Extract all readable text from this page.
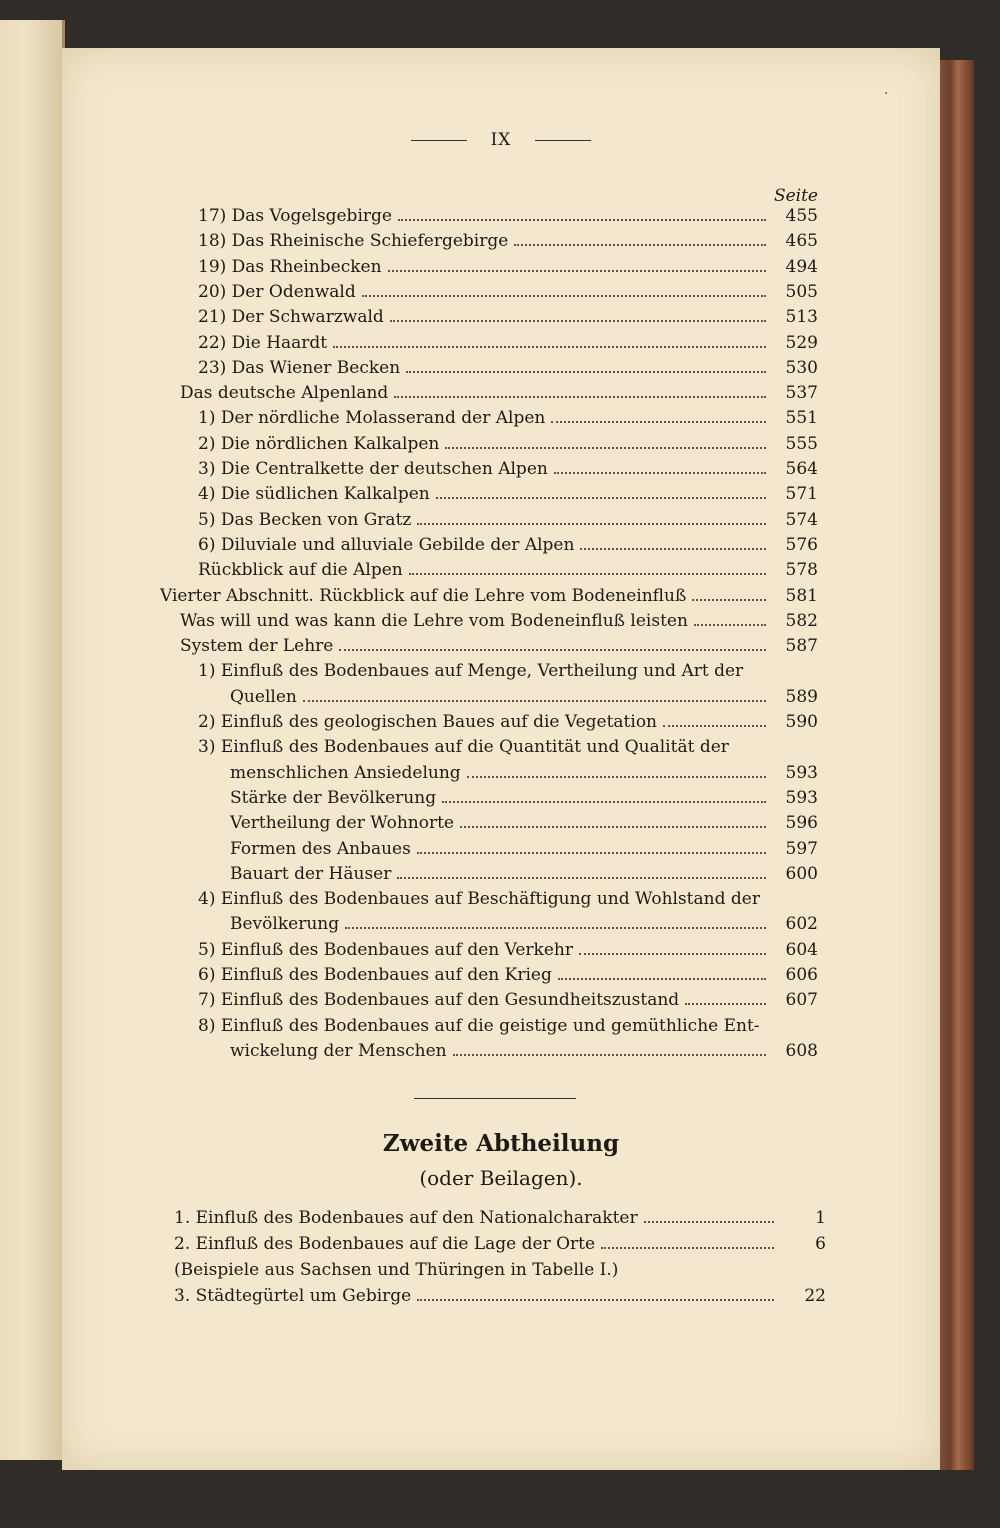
·
IX
Seite
Zweite Abtheilung
(oder Beilagen).
17) Das Vogelsgebirge	455
18) Das Rheinische Schiefergebirge	465
19) Das Rheinbecken	494
20) Der Odenwald	505
21) Der Schwarzwald	513
22) Die Haardt	529
23) Das Wiener Becken	530
Das deutsche Alpenland	537
1) Der nördliche Molasserand der Alpen	551
2) Die nördlichen Kalkalpen	555
3) Die Centralkette der deutschen Alpen	564
4) Die südlichen Kalkalpen	571
5) Das Becken von Gratz	574
6) Diluviale und alluviale Gebilde der Alpen	576
Rückblick auf die Alpen	578
Vierter Abschnitt. Rückblick auf die Lehre vom Bodeneinfluß	581
Was will und was kann die Lehre vom Bodeneinfluß leisten	582
System der Lehre	587
1) Einfluß des Bodenbaues auf Menge, Vertheilung und Art der
Quellen	589
2) Einfluß des geologischen Baues auf die Vegetation	590
3) Einfluß des Bodenbaues auf die Quantität und Qualität der
menschlichen Ansiedelung	593
Stärke der Bevölkerung	593
Vertheilung der Wohnorte	596
Formen des Anbaues	597
Bauart der Häuser	600
4) Einfluß des Bodenbaues auf Beschäftigung und Wohlstand der
Bevölkerung	602
5) Einfluß des Bodenbaues auf den Verkehr	604
6) Einfluß des Bodenbaues auf den Krieg	606
7) Einfluß des Bodenbaues auf den Gesundheitszustand	607
8) Einfluß des Bodenbaues auf die geistige und gemüthliche Ent-
wickelung der Menschen	608
1. Einfluß des Bodenbaues auf den Nationalcharakter	1
2. Einfluß des Bodenbaues auf die Lage der Orte	6
(Beispiele aus Sachsen und Thüringen in Tabelle I.)
3. Städtegürtel um Gebirge	22
